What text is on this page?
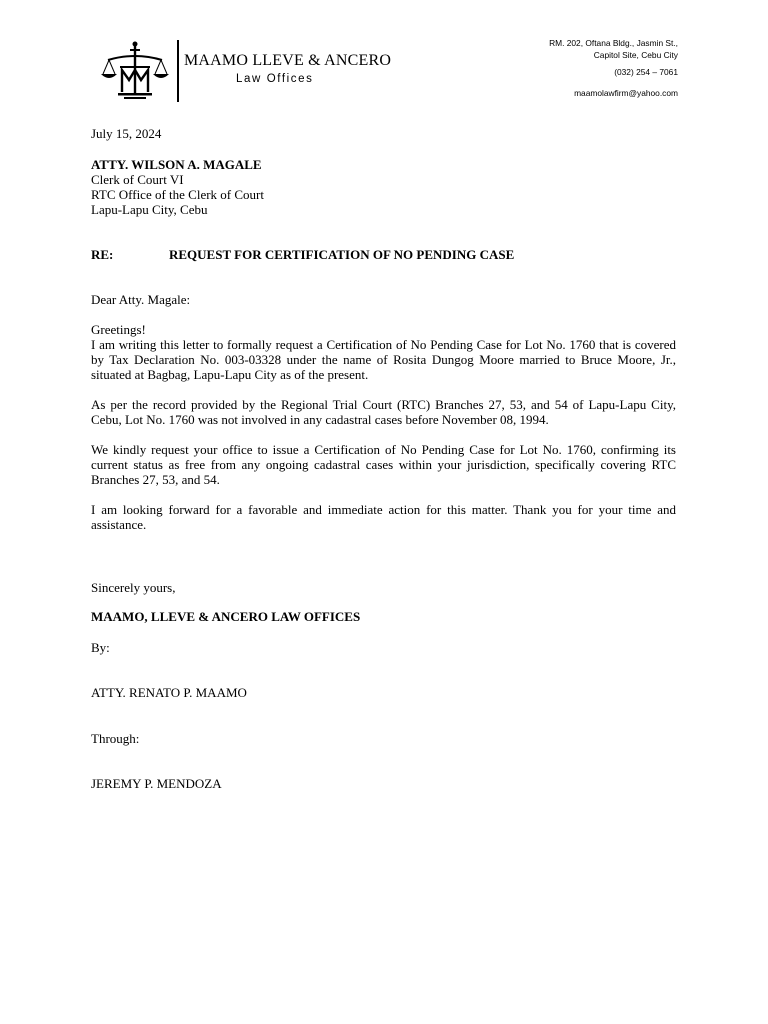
MAAMO LLEVE & ANCERO
Law Offices
RM. 202, Oftana Bldg., Jasmin St.,
Capitol Site, Cebu City
(032) 254 – 7061
maamolawfirm@yahoo.com
July 15, 2024
ATTY. WILSON A. MAGALE
Clerk of Court VI
RTC Office of the Clerk of Court
Lapu-Lapu City, Cebu
RE:	REQUEST FOR CERTIFICATION OF NO PENDING CASE
Dear Atty. Magale:
Greetings!

I am writing this letter to formally request a Certification of No Pending Case for Lot No. 1760 that is covered by Tax Declaration No. 003-03328 under the name of Rosita Dungog Moore married to Bruce Moore, Jr., situated at Bagbag, Lapu-Lapu City as of the present.

As per the record provided by the Regional Trial Court (RTC) Branches 27, 53, and 54 of Lapu-Lapu City, Cebu, Lot No. 1760 was not involved in any cadastral cases before November 08, 1994.

We kindly request your office to issue a Certification of No Pending Case for Lot No. 1760, confirming its current status as free from any ongoing cadastral cases within your jurisdiction, specifically covering RTC Branches 27, 53, and 54.

I am looking forward for a favorable and immediate action for this matter. Thank you for your time and assistance.

Sincerely yours,
MAAMO, LLEVE & ANCERO LAW OFFICES
By:
ATTY. RENATO P. MAAMO
Through:
JEREMY P. MENDOZA
